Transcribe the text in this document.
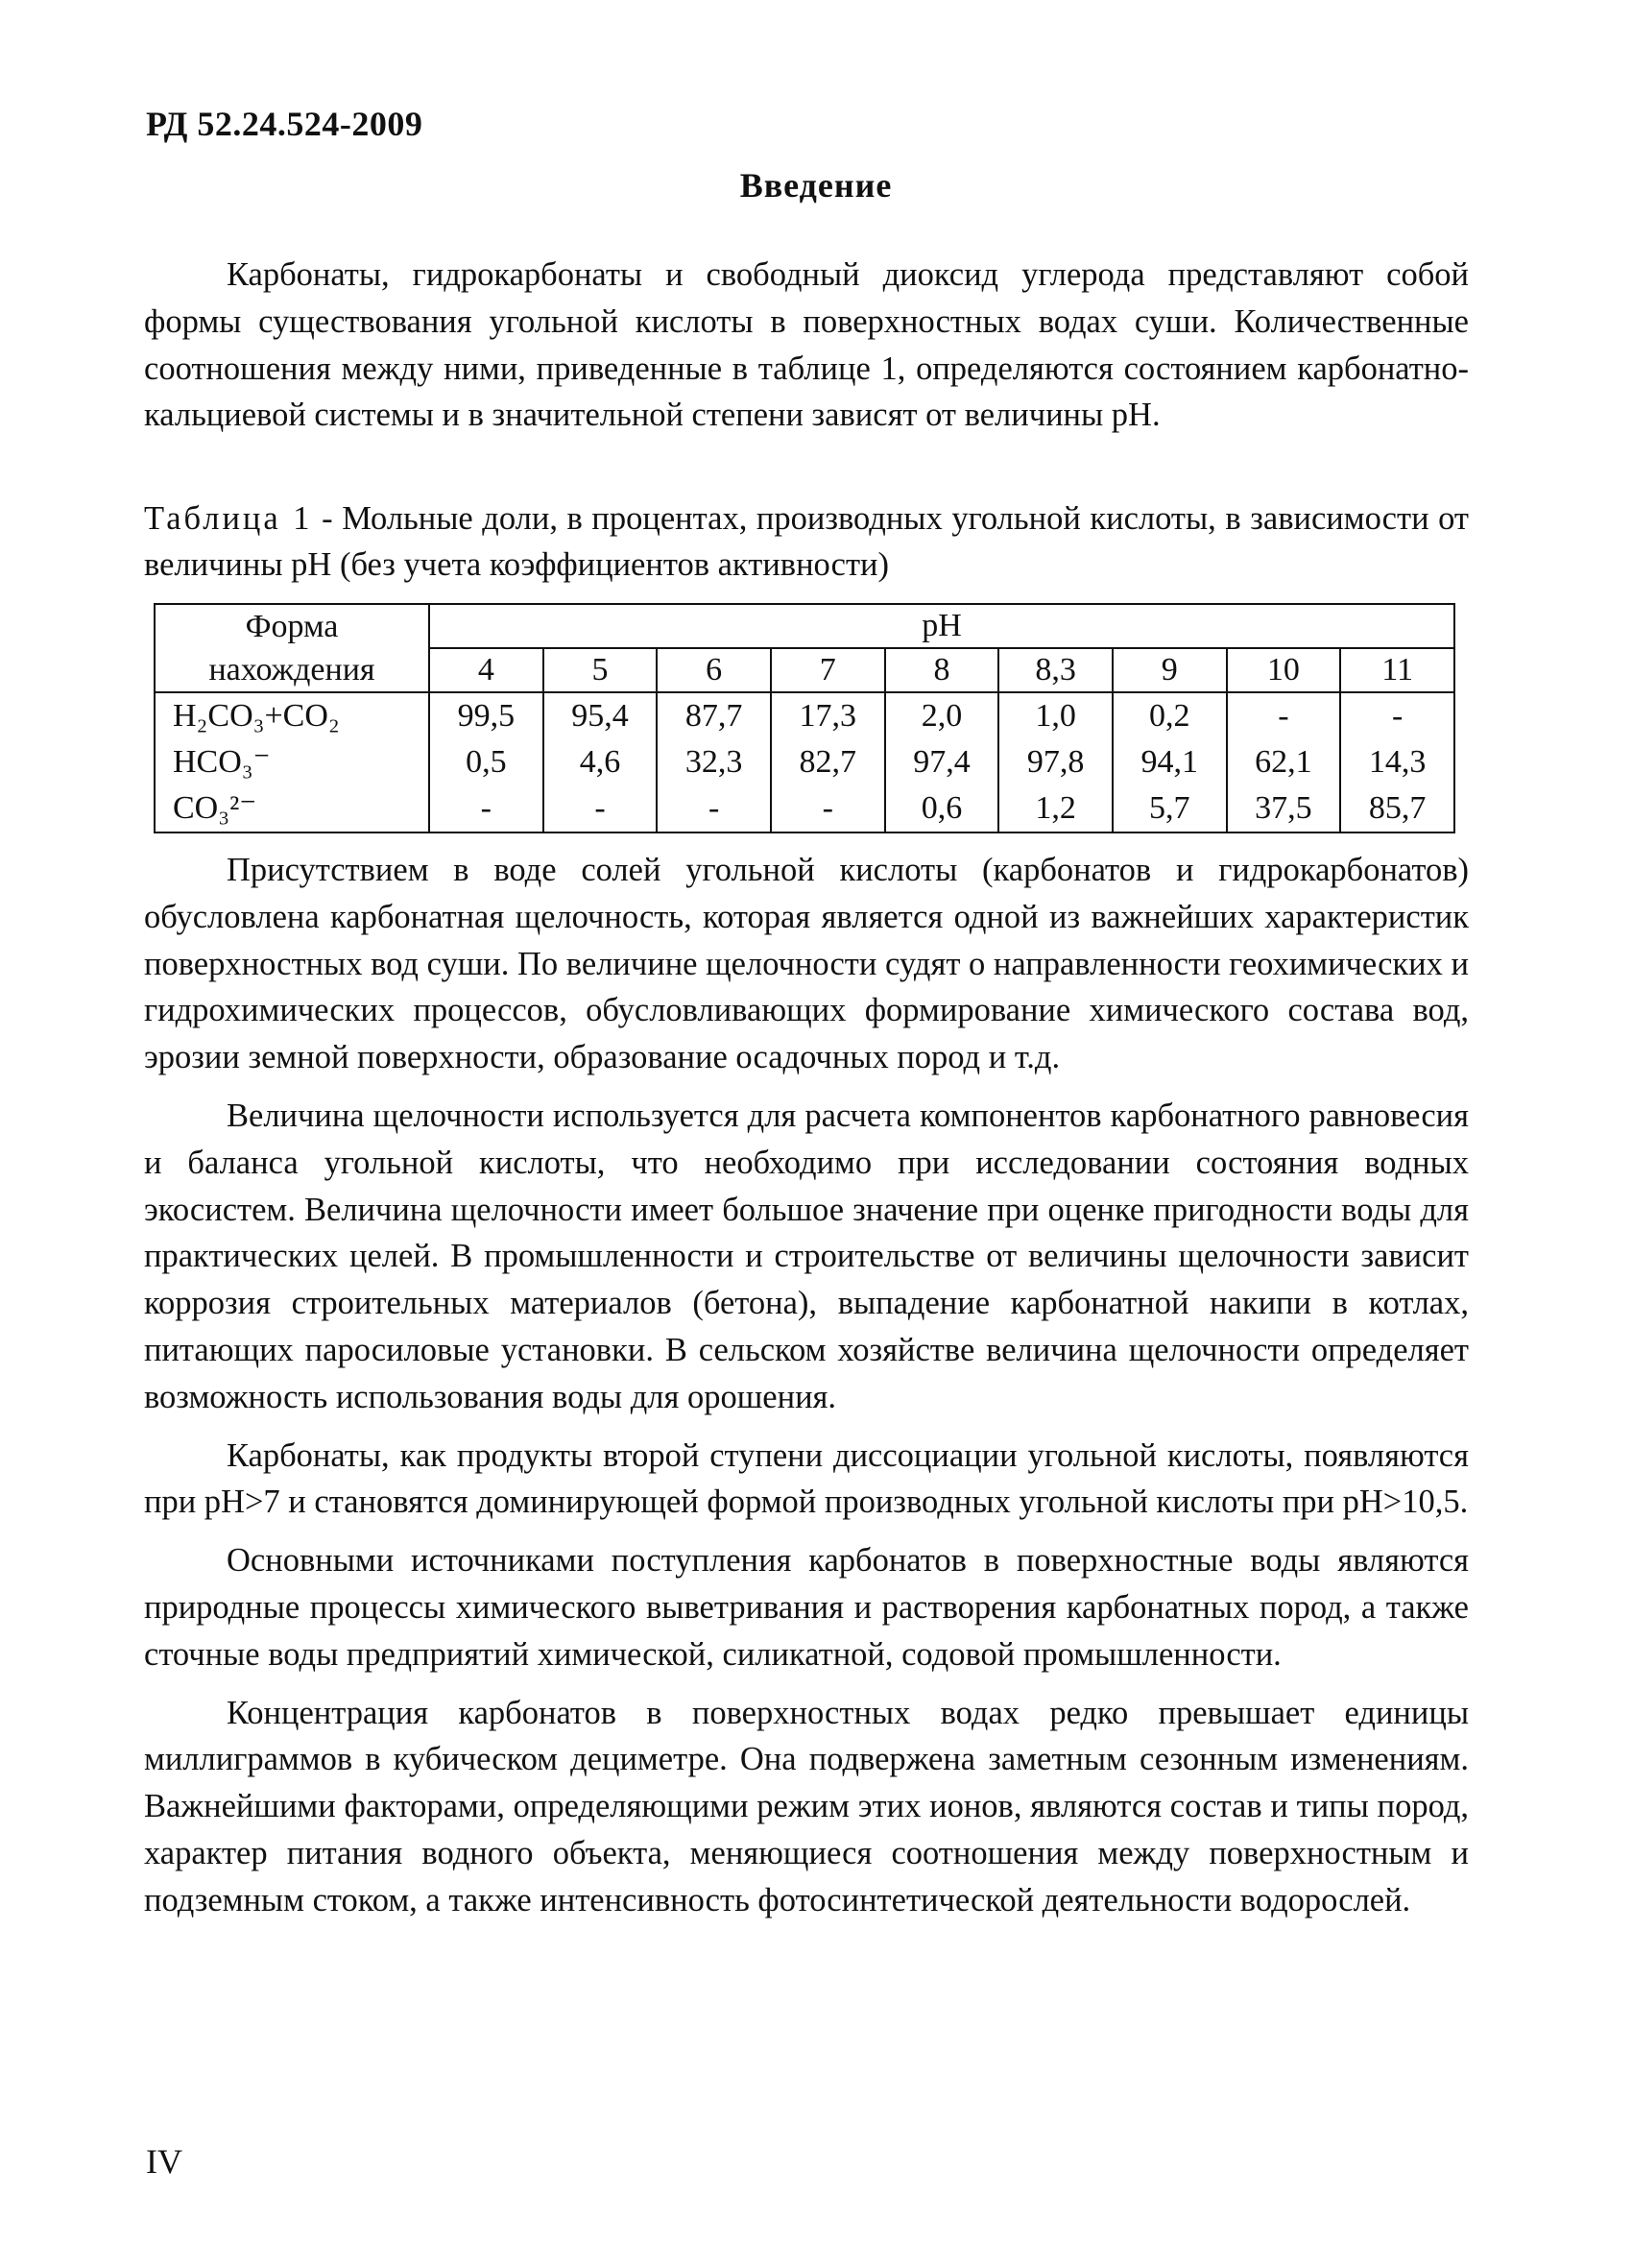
РД 52.24.524-2009
Введение

Карбонаты, гидрокарбонаты и свободный диоксид углерода представляют собой формы существования угольной кислоты в поверхностных водах суши. Количественные соотношения между ними, приведенные в таблице 1, определяются состоянием карбонатно-кальциевой системы и в значительной степени зависят от величины pH.

Таблица 1 - Мольные доли, в процентах, производных угольной кислоты, в зависимости от величины pH (без учета коэффициентов активности)
Форма	pH								
нахождения	4	5	6	7	8	8,3	9	10	11
H₂CO₃+CO₂	99,5	95,4	87,7	17,3	2,0	1,0	0,2	-	-
HCO₃⁻	0,5	4,6	32,3	82,7	97,4	97,8	94,1	62,1	14,3
CO₃²⁻	-	-	-	-	0,6	1,2	5,7	37,5	85,7

Присутствием в воде солей угольной кислоты (карбонатов и гидрокарбонатов) обусловлена карбонатная щелочность, которая является одной из важнейших характеристик поверхностных вод суши. По величине щелочности судят о направленности геохимических и гидрохимических процессов, обусловливающих формирование химического состава вод, эрозии земной поверхности, образование осадочных пород и т.д.

Величина щелочности используется для расчета компонентов карбонатного равновесия и баланса угольной кислоты, что необходимо при исследовании состояния водных экосистем. Величина щелочности имеет большое значение при оценке пригодности воды для практических целей. В промышленности и строительстве от величины щелочности зависит коррозия строительных материалов (бетона), выпадение карбонатной накипи в котлах, питающих паросиловые установки. В сельском хозяйстве величина щелочности определяет возможность использования воды для орошения.

Карбонаты, как продукты второй ступени диссоциации угольной кислоты, появляются при pH>7 и становятся доминирующей формой производных угольной кислоты при pH>10,5.

Основными источниками поступления карбонатов в поверхностные воды являются природные процессы химического выветривания и растворения карбонатных пород, а также сточные воды предприятий химической, силикатной, содовой промышленности.

Концентрация карбонатов в поверхностных водах редко превышает единицы миллиграммов в кубическом дециметре. Она подвержена заметным сезонным изменениям. Важнейшими факторами, определяющими режим этих ионов, являются состав и типы пород, характер питания водного объекта, меняющиеся соотношения между поверхностным и подземным стоком, а также интенсивность фотосинтетической деятельности водорослей.

IV
